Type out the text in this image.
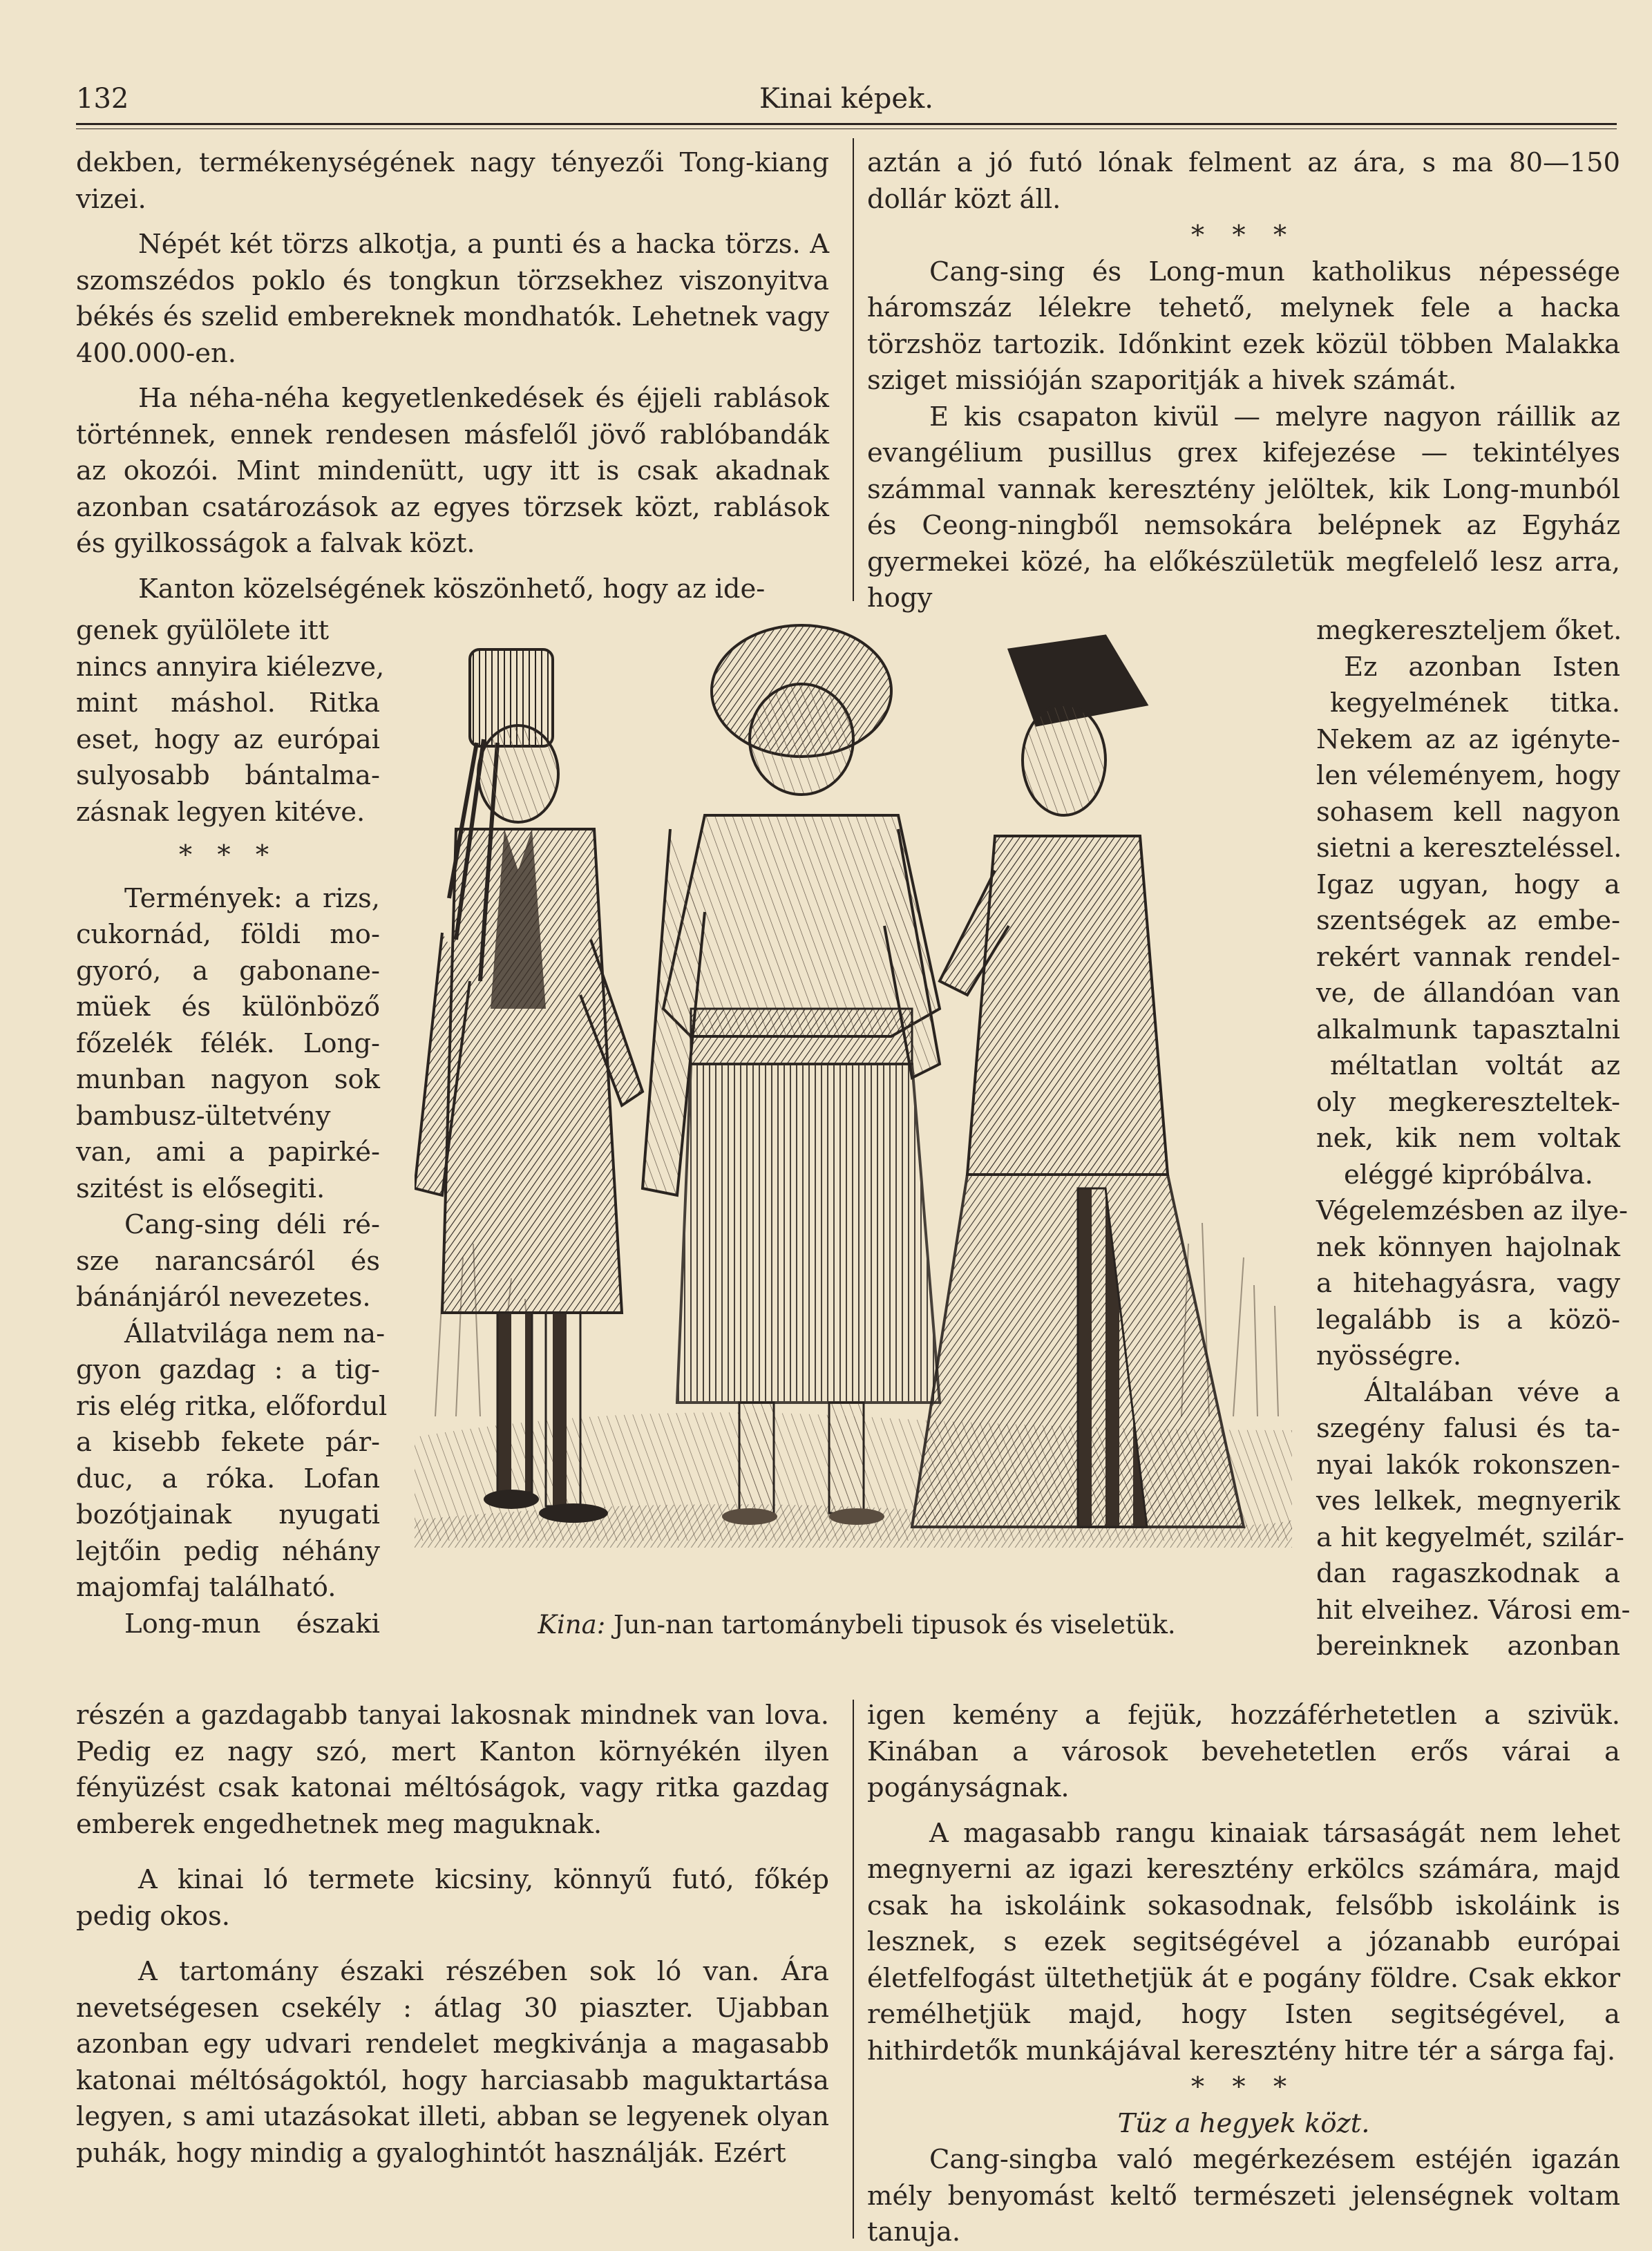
132	Kinai képek.

dekben, termékenységének nagy tényezői Tong-kiang vizei.

Népét két törzs alkotja, a punti és a hacka törzs. A szomszédos poklo és tongkun törzsekhez viszonyitva békés és szelid embereknek mondhatók. Lehetnek vagy 400.000-en.

Ha néha-néha kegyetlenkedések és éjjeli rablások történnek, ennek rendesen másfelől jövő rablóbandák az okozói. Mint mindenütt, ugy itt is csak akadnak azonban csatározások az egyes törzsek közt, rablások és gyilkosságok a falvak közt.

Kanton közelségének köszönhető, hogy az ide-

genek gyülölete itt
nincs annyira kiélezve,
mint máshol. Ritka
eset, hogy az európai
sulyosabb bántalma-
zásnak legyen kitéve.
* * *
Termények: a rizs,
cukornád, földi mo-
gyoró, a gabonane-
müek és különböző
főzelék félék. Long-
munban nagyon sok
bambusz-ültetvény
van, ami a papirké-
szitést is elősegiti.
Cang-sing déli ré-
sze narancsáról és
bánánjáról nevezetes.
Állatvilága nem na-
gyon gazdag : a tig-
ris elég ritka, előfordul
a kisebb fekete pár-
duc, a róka. Lofan
bozótjainak nyugati
lejtőin pedig néhány
majomfaj található.
Long-mun északi

részén a gazdagabb tanyai lakosnak mindnek van lova. Pedig ez nagy szó, mert Kanton környékén ilyen fényüzést csak katonai méltóságok, vagy ritka gazdag emberek engedhetnek meg maguknak.

A kinai ló termete kicsiny, könnyű futó, főkép pedig okos.

A tartomány északi részében sok ló van. Ára nevetségesen csekély : átlag 30 piaszter. Ujabban azonban egy udvari rendelet megkivánja a magasabb katonai méltóságoktól, hogy harciasabb maguktartása legyen, s ami utazásokat illeti, abban se legyenek olyan puhák, hogy mindig a gyaloghintót használják. Ezért

aztán a jó futó lónak felment az ára, s ma 80—150 dollár közt áll.

* * *

Cang-sing és Long-mun katholikus népessége háromszáz lélekre tehető, melynek fele a hacka törzshöz tartozik. Időnkint ezek közül többen Malakka sziget missióján szaporitják a hivek számát.

E kis csapaton kivül — melyre nagyon ráillik az evangélium pusillus grex kifejezése — tekintélyes számmal vannak keresztény jelöltek, kik Long-munból és Ceong-ningből nemsokára belépnek az Egyház gyermekei közé, ha előkészületük megfelelő lesz arra, hogy

megkereszteljem őket.
Ez azonban Isten
kegyelmének titka.
Nekem az az igényte-
len véleményem, hogy
sohasem kell nagyon
sietni a kereszteléssel.
Igaz ugyan, hogy a
szentségek az embe-
rekért vannak rendel-
ve, de állandóan van
alkalmunk tapasztalni
méltatlan voltát az
oly megkereszteltek-
nek, kik nem voltak
eléggé kipróbálva.
Végelemzésben az ilye-
nek könnyen hajolnak
a hitehagyásra, vagy
legalább is a közö-
nyösségre.
Általában véve a
szegény falusi és ta-
nyai lakók rokonszen-
ves lelkek, megnyerik
a hit kegyelmét, szilár-
dan ragaszkodnak a
hit elveihez. Városi em-
bereinknek azonban

igen kemény a fejük, hozzáférhetetlen a szivük. Kinában a városok bevehetetlen erős várai a pogányságnak.

A magasabb rangu kinaiak társaságát nem lehet megnyerni az igazi keresztény erkölcs számára, majd csak ha iskoláink sokasodnak, felsőbb iskoláink is lesznek, s ezek segitségével a józanabb európai életfelfogást ültethetjük át e pogány földre. Csak ekkor remélhetjük majd, hogy Isten segitségével, a hithirdetők munkájával keresztény hitre tér a sárga faj.

* * *

Tüz a hegyek közt.

Cang-singba való megérkezésem estéjén igazán mély benyomást keltő természeti jelenségnek voltam tanuja.

Kina: Jun-nan tartománybeli tipusok és viseletük.
